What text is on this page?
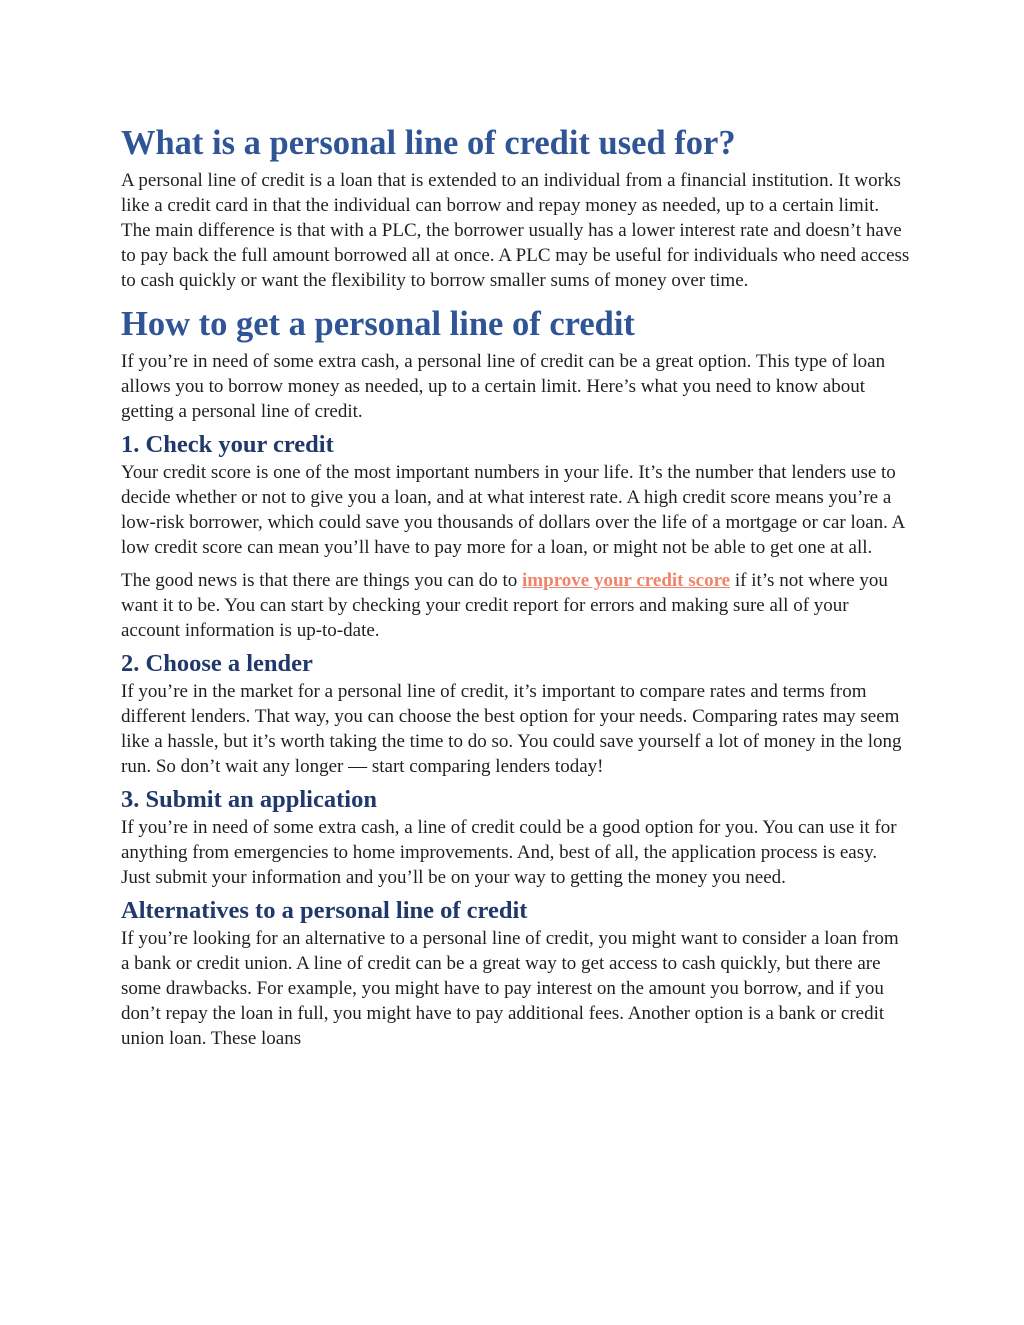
What is a personal line of credit used for?

A personal line of credit is a loan that is extended to an individual from a financial institution. It works like a credit card in that the individual can borrow and repay money as needed, up to a certain limit. The main difference is that with a PLC, the borrower usually has a lower interest rate and doesn’t have to pay back the full amount borrowed all at once. A PLC may be useful for individuals who need access to cash quickly or want the flexibility to borrow smaller sums of money over time.

How to get a personal line of credit

If you’re in need of some extra cash, a personal line of credit can be a great option. This type of loan allows you to borrow money as needed, up to a certain limit. Here’s what you need to know about getting a personal line of credit.

1. Check your credit

Your credit score is one of the most important numbers in your life. It’s the number that lenders use to decide whether or not to give you a loan, and at what interest rate. A high credit score means you’re a low-risk borrower, which could save you thousands of dollars over the life of a mortgage or car loan. A low credit score can mean you’ll have to pay more for a loan, or might not be able to get one at all.

The good news is that there are things you can do to improve your credit score if it’s not where you want it to be. You can start by checking your credit report for errors and making sure all of your account information is up-to-date.

2. Choose a lender

If you’re in the market for a personal line of credit, it’s important to compare rates and terms from different lenders. That way, you can choose the best option for your needs. Comparing rates may seem like a hassle, but it’s worth taking the time to do so. You could save yourself a lot of money in the long run. So don’t wait any longer — start comparing lenders today!

3. Submit an application

If you’re in need of some extra cash, a line of credit could be a good option for you. You can use it for anything from emergencies to home improvements. And, best of all, the application process is easy. Just submit your information and you’ll be on your way to getting the money you need.

Alternatives to a personal line of credit

If you’re looking for an alternative to a personal line of credit, you might want to consider a loan from a bank or credit union. A line of credit can be a great way to get access to cash quickly, but there are some drawbacks. For example, you might have to pay interest on the amount you borrow, and if you don’t repay the loan in full, you might have to pay additional fees. Another option is a bank or credit union loan. These loans
